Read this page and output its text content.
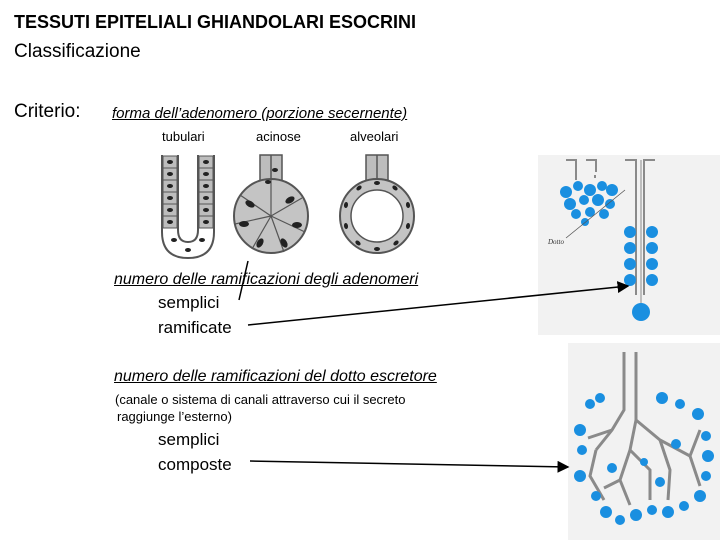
TESSUTI EPITELIALI GHIANDOLARI ESOCRINI
Classificazione
Criterio: forma dell’adenomero (porzione secernente)
tubulari	acinose	alveolari
numero delle ramificazioni degli adenomeri
semplici
ramificate
numero delle ramificazioni del dotto escretore
(canale o sistema di canali attraverso cui il secreto
raggiunge l’esterno)
semplici
composte
Dotto
